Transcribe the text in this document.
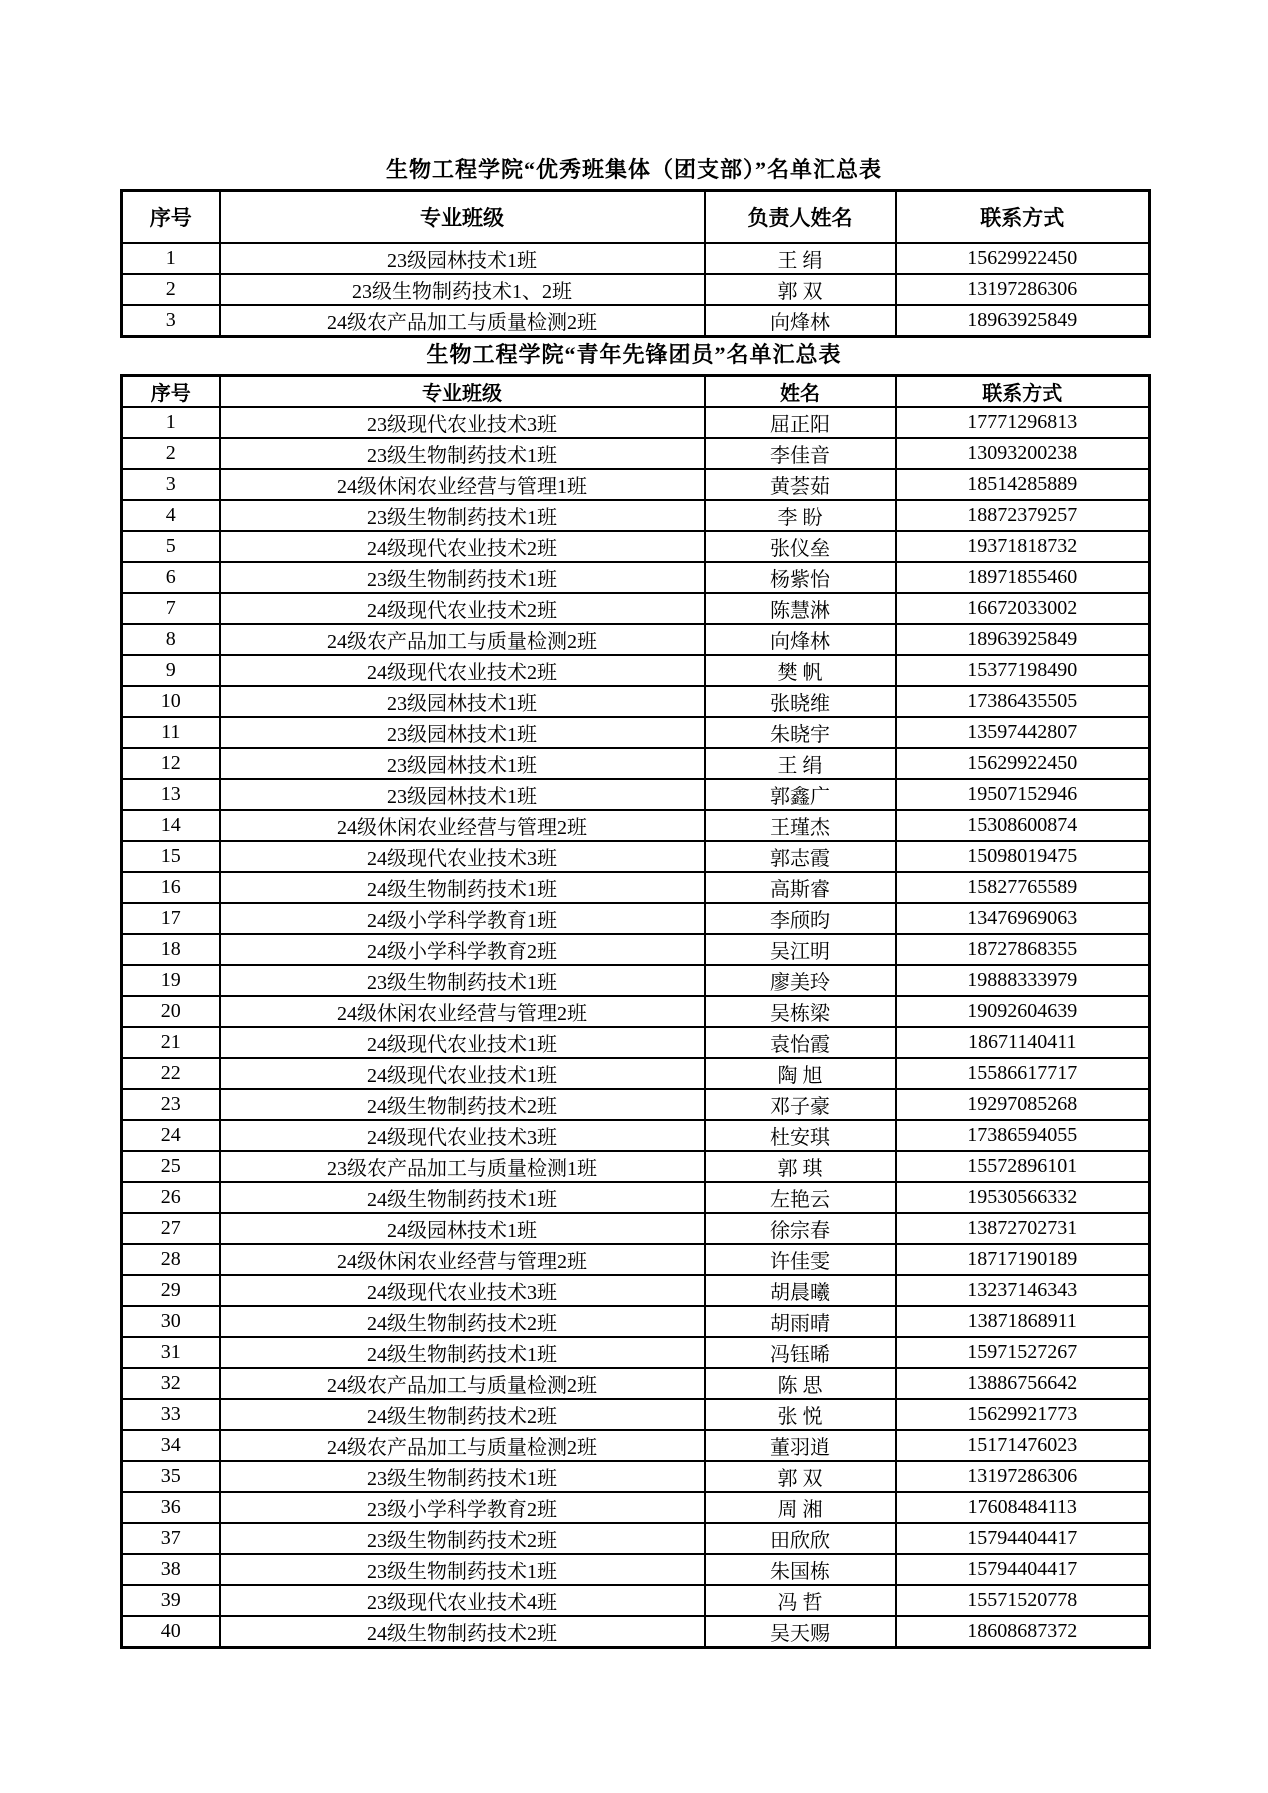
生物工程学院“优秀班集体（团支部）”名单汇总表
序号	专业班级	负责人姓名	联系方式
1	23级园林技术1班	王 绢	15629922450
2	23级生物制药技术1、2班	郭 双	13197286306
3	24级农产品加工与质量检测2班	向烽林	18963925849
生物工程学院“青年先锋团员”名单汇总表
序号	专业班级	姓名	联系方式
1	23级现代农业技术3班	屈正阳	17771296813
2	23级生物制药技术1班	李佳音	13093200238
3	24级休闲农业经营与管理1班	黄荟茹	18514285889
4	23级生物制药技术1班	李 盼	18872379257
5	24级现代农业技术2班	张仪垒	19371818732
6	23级生物制药技术1班	杨紫怡	18971855460
7	24级现代农业技术2班	陈慧淋	16672033002
8	24级农产品加工与质量检测2班	向烽林	18963925849
9	24级现代农业技术2班	樊 帆	15377198490
10	23级园林技术1班	张晓维	17386435505
11	23级园林技术1班	朱晓宇	13597442807
12	23级园林技术1班	王 绢	15629922450
13	23级园林技术1班	郭鑫广	19507152946
14	24级休闲农业经营与管理2班	王瑾杰	15308600874
15	24级现代农业技术3班	郭志霞	15098019475
16	24级生物制药技术1班	高斯睿	15827765589
17	24级小学科学教育1班	李颀昀	13476969063
18	24级小学科学教育2班	吴江明	18727868355
19	23级生物制药技术1班	廖美玲	19888333979
20	24级休闲农业经营与管理2班	吴栋梁	19092604639
21	24级现代农业技术1班	袁怡霞	18671140411
22	24级现代农业技术1班	陶 旭	15586617717
23	24级生物制药技术2班	邓子豪	19297085268
24	24级现代农业技术3班	杜安琪	17386594055
25	23级农产品加工与质量检测1班	郭 琪	15572896101
26	24级生物制药技术1班	左艳云	19530566332
27	24级园林技术1班	徐宗春	13872702731
28	24级休闲农业经营与管理2班	许佳雯	18717190189
29	24级现代农业技术3班	胡晨曦	13237146343
30	24级生物制药技术2班	胡雨晴	13871868911
31	24级生物制药技术1班	冯钰晞	15971527267
32	24级农产品加工与质量检测2班	陈 思	13886756642
33	24级生物制药技术2班	张 悦	15629921773
34	24级农产品加工与质量检测2班	董羽逍	15171476023
35	23级生物制药技术1班	郭 双	13197286306
36	23级小学科学教育2班	周 湘	17608484113
37	23级生物制药技术2班	田欣欣	15794404417
38	23级生物制药技术1班	朱国栋	15794404417
39	23级现代农业技术4班	冯 哲	15571520778
40	24级生物制药技术2班	吴天赐	18608687372
